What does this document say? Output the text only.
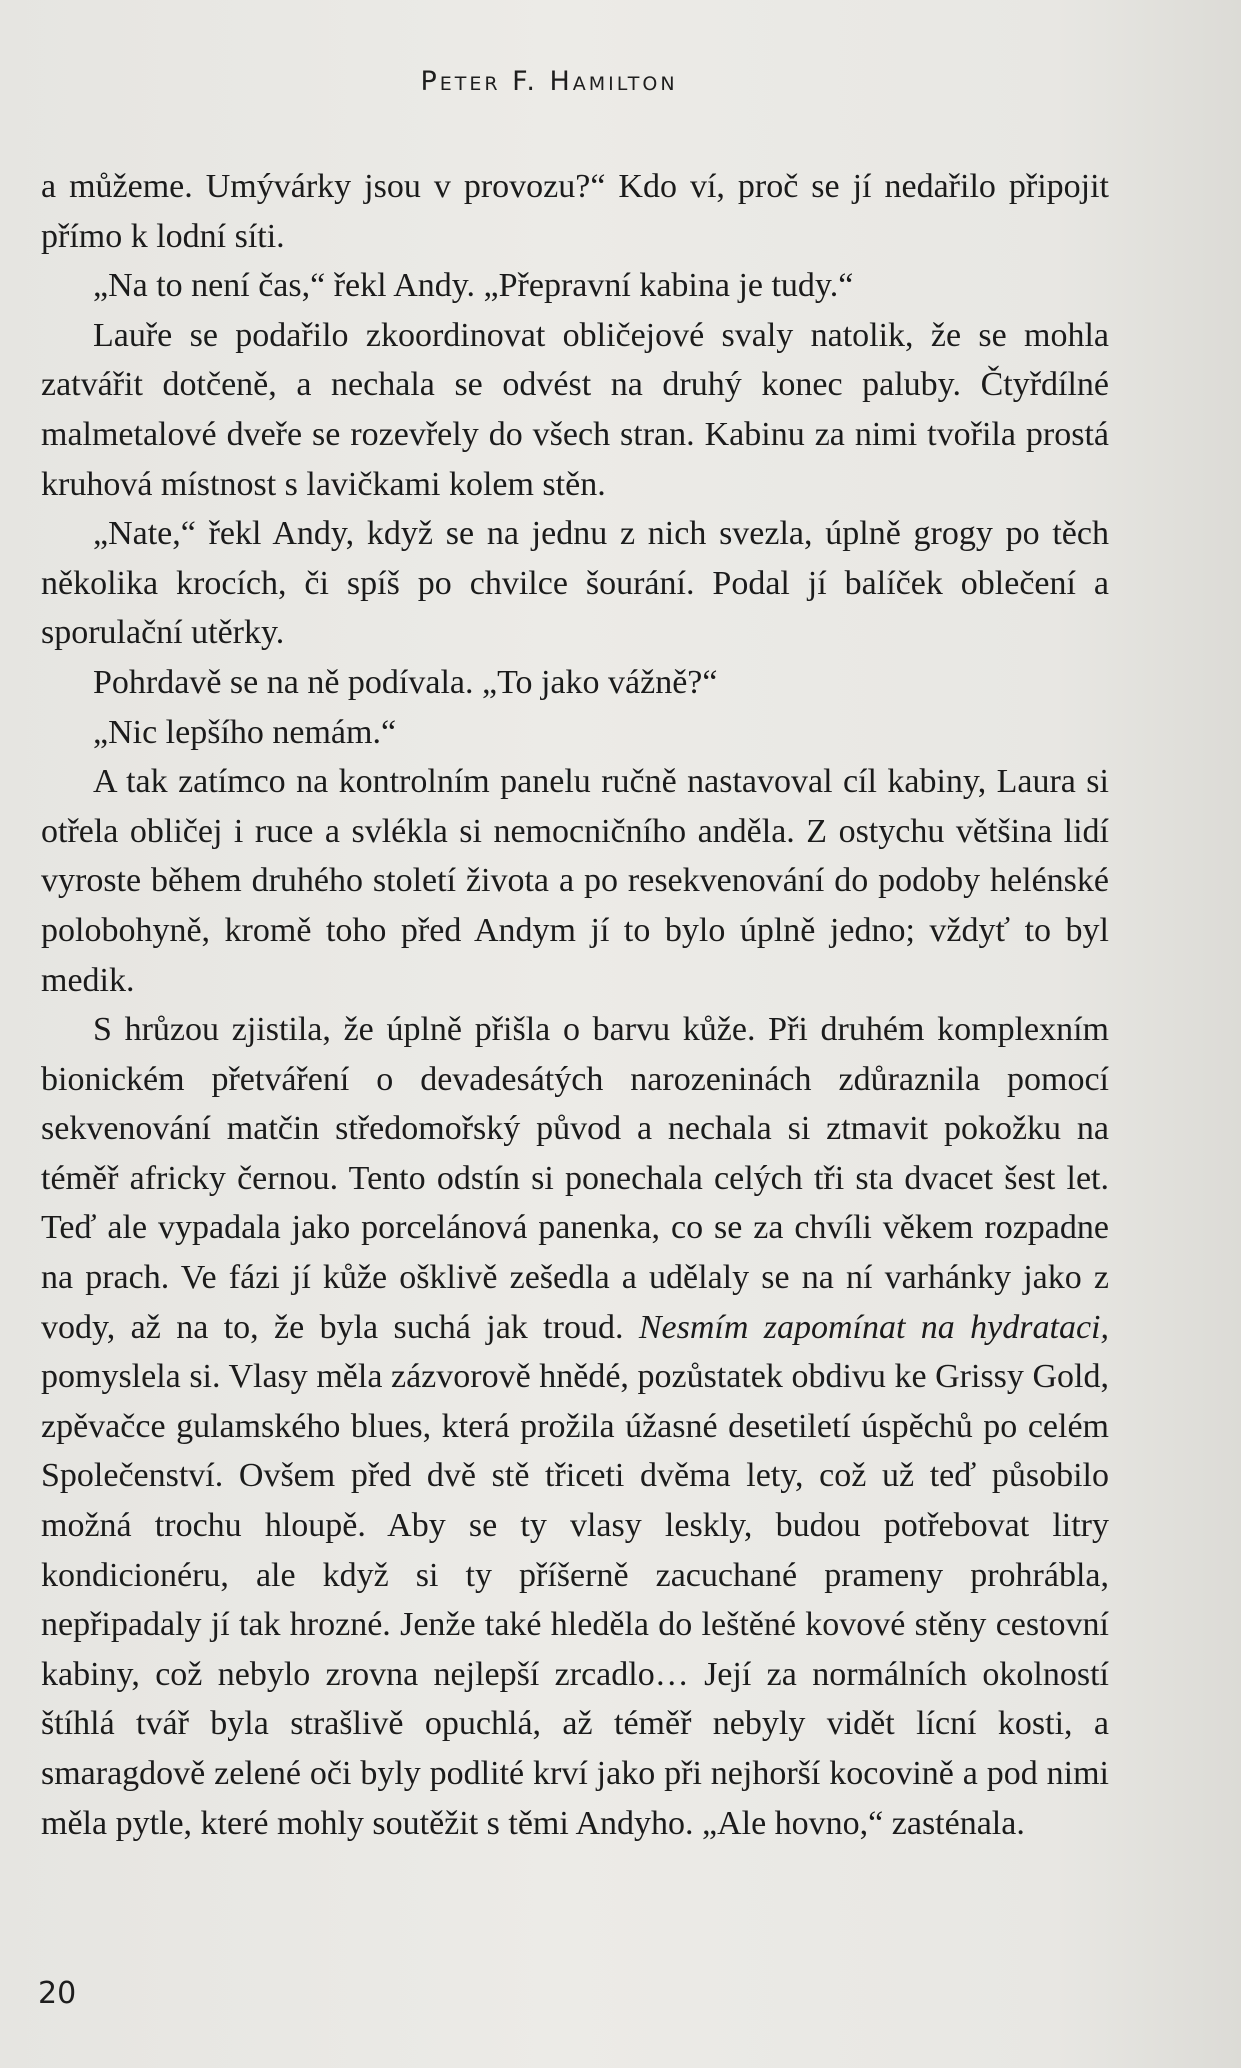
Peter F. Hamilton

a můžeme. Umývárky jsou v provozu?“ Kdo ví, proč se jí nedařilo připojit přímo k lodní síti.

„Na to není čas,“ řekl Andy. „Přepravní kabina je tudy.“

Lauře se podařilo zkoordinovat obličejové svaly natolik, že se mohla zatvářit dotčeně, a nechala se odvést na druhý konec paluby. Čtyřdílné malmetalové dveře se rozevřely do všech stran. Kabinu za nimi tvořila prostá kruhová místnost s lavičkami kolem stěn.

„Nate,“ řekl Andy, když se na jednu z nich svezla, úplně grogy po těch několika krocích, či spíš po chvilce šourání. Podal jí balíček oblečení a sporulační utěrky.

Pohrdavě se na ně podívala. „To jako vážně?“

„Nic lepšího nemám.“

A tak zatímco na kontrolním panelu ručně nastavoval cíl kabiny, Laura si otřela obličej i ruce a svlékla si nemocničního anděla. Z ostychu většina lidí vyroste během druhého století života a po resekvenování do podoby helénské polobohyně, kromě toho před Andym jí to bylo úplně jedno; vždyť to byl medik.

S hrůzou zjistila, že úplně přišla o barvu kůže. Při druhém komplexním bionickém přetváření o devadesátých narozeninách zdůraznila pomocí sekvenování matčin středomořský původ a nechala si ztmavit pokožku na téměř africky černou. Tento odstín si ponechala celých tři sta dvacet šest let. Teď ale vypadala jako porcelánová panenka, co se za chvíli věkem rozpadne na prach. Ve fázi jí kůže ošklivě zešedla a udělaly se na ní varhánky jako z vody, až na to, že byla suchá jak troud. Nesmím zapomínat na hydrataci, pomyslela si. Vlasy měla zázvorově hnědé, pozůstatek obdivu ke Grissy Gold, zpěvačce gulamského blues, která prožila úžasné desetiletí úspěchů po celém Společenství. Ovšem před dvě stě třiceti dvěma lety, což už teď působilo možná trochu hloupě. Aby se ty vlasy leskly, budou potřebovat litry kondicionéru, ale když si ty příšerně zacuchané prameny prohrábla, nepřipadaly jí tak hrozné. Jenže také hleděla do leštěné kovové stěny cestovní kabiny, což nebylo zrovna nejlepší zrcadlo… Její za normálních okolností štíhlá tvář byla strašlivě opuchlá, až téměř nebyly vidět lícní kosti, a smaragdově zelené oči byly podlité krví jako při nejhorší kocovině a pod nimi měla pytle, které mohly soutěžit s těmi Andyho. „Ale hovno,“ zasténala.

20
